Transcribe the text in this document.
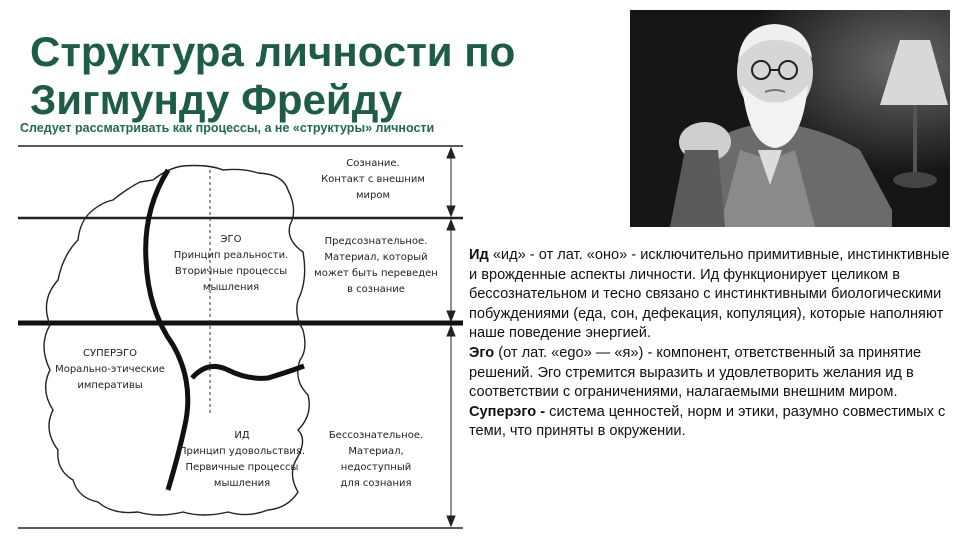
Структура личности по Зигмунду Фрейду
Следует рассматривать как процессы, а не «структуры» личности
Сознание.
Контакт с внешним
миром
Предсознательное.
Материал, который
может быть переведен
в сознание
Бессознательное.
Материал,
недоступный
для сознания
ЭГО
Принцип реальности.
Вторичные процессы
мышления
СУПЕРЭГО
Морально-этические
императивы
ИД
Принцип удовольствия.
Первичные процессы
мышления

Ид «ид» - от лат. «оно» - исключительно примитивные, инстинктивные и врожденные аспекты личности. Ид функционирует целиком в бессознательном и тесно связано с инстинктивными биологическими побуждениями (еда, сон, дефекация, копуляция), которые наполняют наше поведение энергией.

Эго (от лат. «ego» — «я») - компонент, ответственный за принятие решений. Эго стремится выразить и удовлетворить желания ид в соответствии с ограничениями, налагаемыми внешним миром.

Суперэго - система ценностей, норм и этики, разумно совместимых с теми, что приняты в окружении.
